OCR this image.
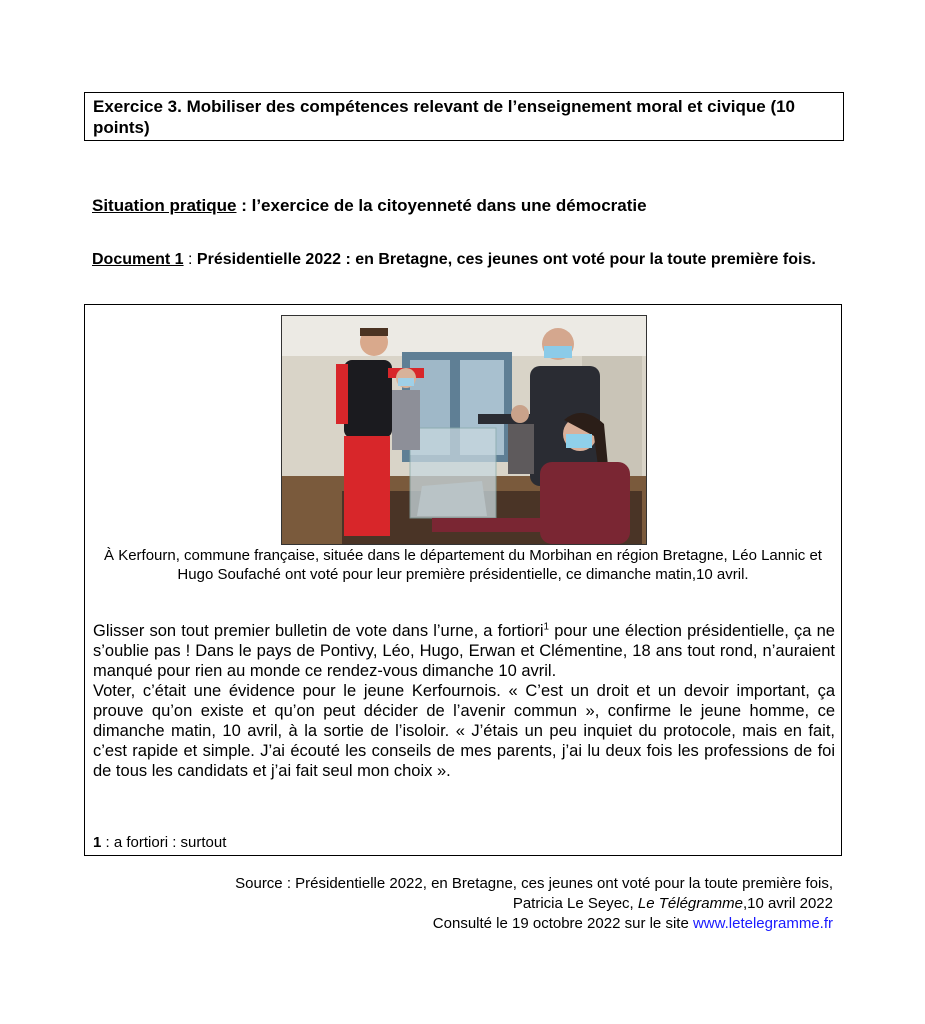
Exercice 3. Mobiliser des compétences relevant de l’enseignement moral et civique (10 points)
Situation pratique : l’exercice de la citoyenneté dans une démocratie
Document 1 : Présidentielle 2022 : en Bretagne, ces jeunes ont voté pour la toute première fois.
À Kerfourn, commune française, située dans le département du Morbihan en région Bretagne, Léo Lannic et Hugo Soufaché ont voté pour leur première présidentielle, ce dimanche matin,10 avril.

Glisser son tout premier bulletin de vote dans l’urne, a fortiori$^1$ pour une élection présidentielle, ça ne s’oublie pas ! Dans le pays de Pontivy, Léo, Hugo, Erwan et Clémentine, 18 ans tout rond, n’auraient manqué pour rien au monde ce rendez-vous dimanche 10 avril.

Voter, c’était une évidence pour le jeune Kerfournois. « C’est un droit et un devoir important, ça prouve qu’on existe et qu’on peut décider de l’avenir commun », confirme le jeune homme, ce dimanche matin, 10 avril, à la sortie de l’isoloir. « J’étais un peu inquiet du protocole, mais en fait, c’est rapide et simple. J’ai écouté les conseils de mes parents, j’ai lu deux fois les professions de foi de tous les candidats et j’ai fait seul mon choix ».

1 : a fortiori : surtout
Source : Présidentielle 2022, en Bretagne, ces jeunes ont voté pour la toute première fois,
Patricia Le Seyec, Le Télégramme,10 avril 2022
Consulté le 19 octobre 2022 sur le site www.letelegramme.fr
